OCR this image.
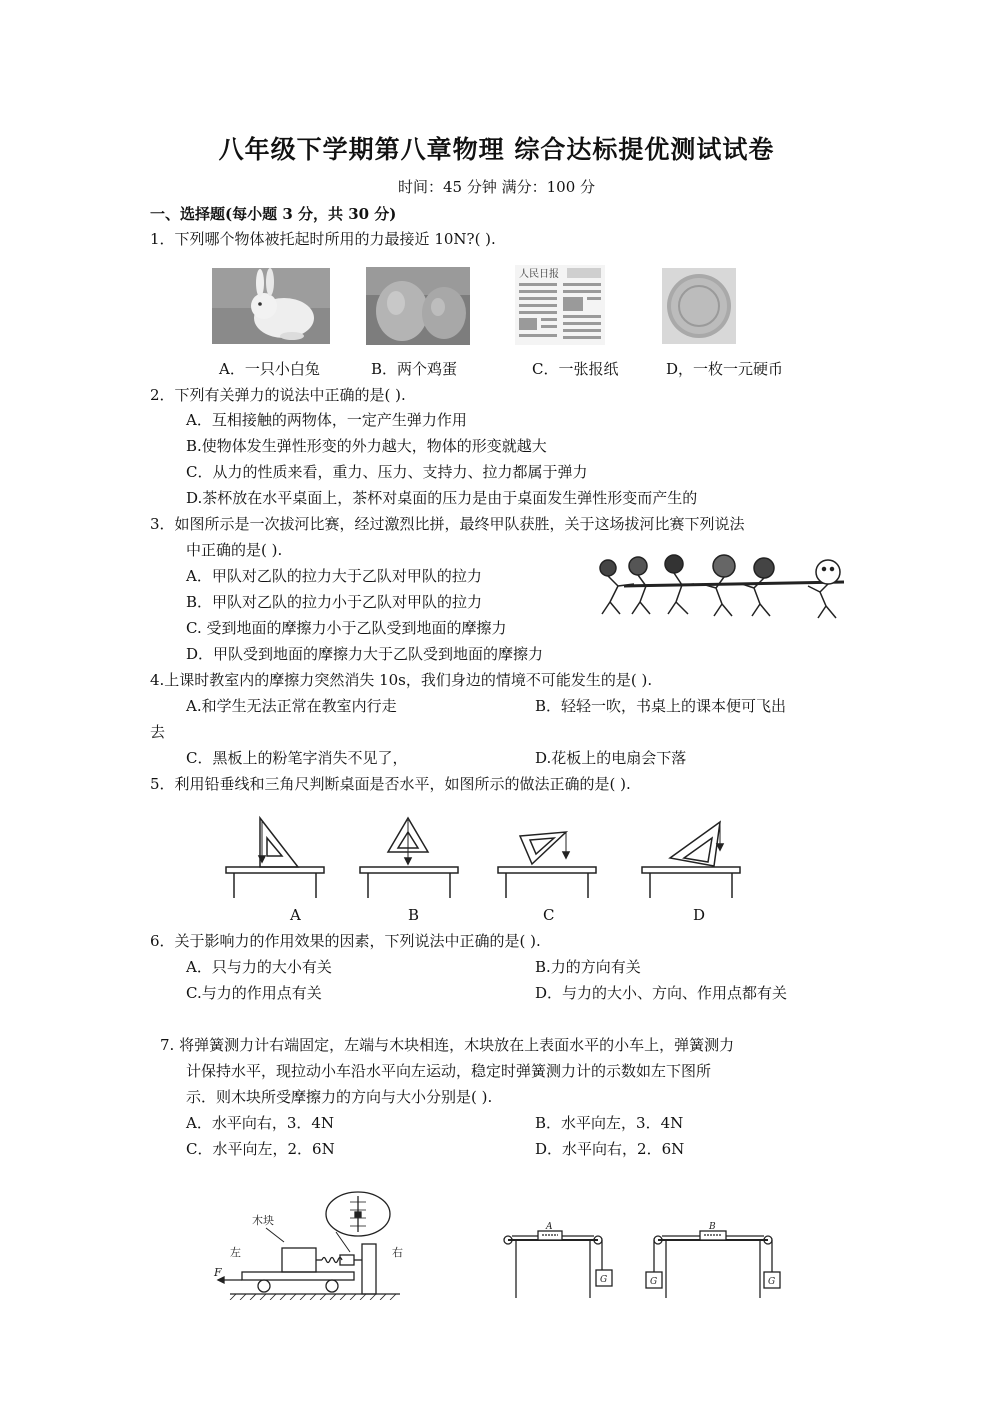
八年级下学期第八章物理 综合达标提优测试试卷
时间：45 分钟 满分：100 分
一、选择题(每小题 3 分，共 30 分)
1．下列哪个物体被托起时所用的力最接近 10N?( ).
人民日报
A．一只小白兔	B．两个鸡蛋	C．一张报纸	D，一枚一元硬币
2．下列有关弹力的说法中正确的是( ).
A．互相接触的两物体，一定产生弹力作用
B.使物体发生弹性形变的外力越大，物体的形变就越大
C．从力的性质来看，重力、压力、支持力、拉力都属于弹力
D.茶杯放在水平桌面上，茶杯对桌面的压力是由于桌面发生弹性形变而产生的
3．如图所示是一次拔河比赛，经过激烈比拼，最终甲队获胜，关于这场拔河比赛下列说法
中正确的是( ).
A．甲队对乙队的拉力大于乙队对甲队的拉力
B．甲队对乙队的拉力小于乙队对甲队的拉力
C. 受到地面的摩擦力小于乙队受到地面的摩擦力
D．甲队受到地面的摩擦力大于乙队受到地面的摩擦力
4.上课时教室内的摩擦力突然消失 10s，我们身边的情境不可能发生的是( ).
A.和学生无法正常在教室内行走	B．轻轻一吹，书桌上的课本便可飞出
去
C．黑板上的粉笔字消失不见了，	D.花板上的电扇会下落
5．利用铅垂线和三角尺判断桌面是否水平，如图所示的做法正确的是( ).
A	B	C	D
6．关于影响力的作用效果的因素，下列说法中正确的是( ).
A．只与力的大小有关	B.力的方向有关
C.与力的作用点有关	D．与力的大小、方向、作用点都有关
7. 将弹簧测力计右端固定，左端与木块相连，木块放在上表面水平的小车上，弹簧测力
计保持水平，现拉动小车沿水平向左运动，稳定时弹簧测力计的示数如左下图所
示．则木块所受摩擦力的方向与大小分别是( ).
A．水平向右，3．4N	B．水平向左，3．4N
C．水平向左，2．6N	D．水平向右，2．6N
木块
左	右
F
A
G
B
G	G
